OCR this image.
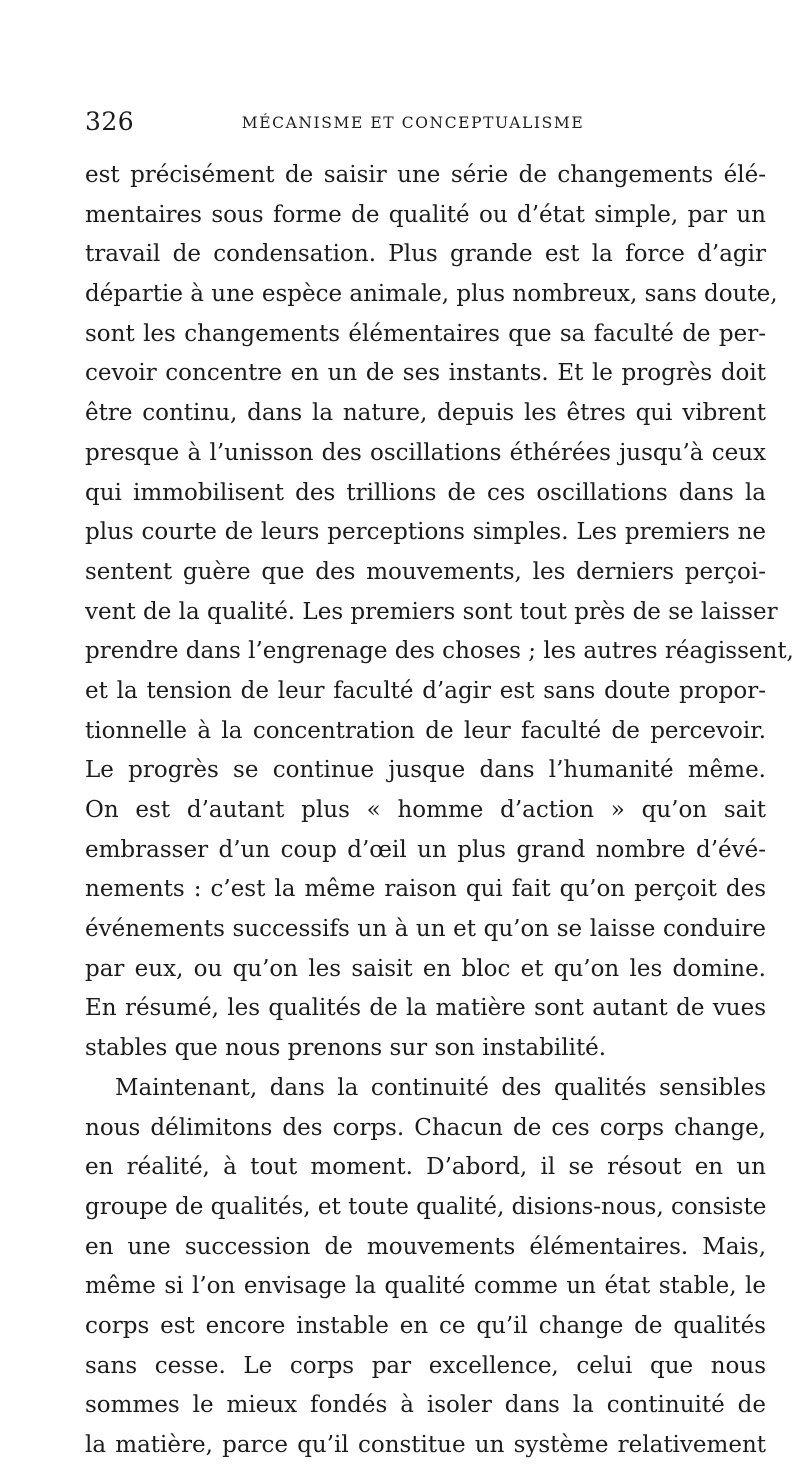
326	MÉCANISME ET CONCEPTUALISME
est précisément de saisir une série de changements élé-
mentaires sous forme de qualité ou d’état simple, par un
travail de condensation. Plus grande est la force d’agir
départie à une espèce animale, plus nombreux, sans doute,
sont les changements élémentaires que sa faculté de per-
cevoir concentre en un de ses instants. Et le progrès doit
être continu, dans la nature, depuis les êtres qui vibrent
presque à l’unisson des oscillations éthérées jusqu’à ceux
qui immobilisent des trillions de ces oscillations dans la
plus courte de leurs perceptions simples. Les premiers ne
sentent guère que des mouvements, les derniers perçoi-
vent de la qualité. Les premiers sont tout près de se laisser
prendre dans l’engrenage des choses ; les autres réagissent,
et la tension de leur faculté d’agir est sans doute propor-
tionnelle à la concentration de leur faculté de percevoir.
Le progrès se continue jusque dans l’humanité même.
On est d’autant plus « homme d’action » qu’on sait
embrasser d’un coup d’œil un plus grand nombre d’évé-
nements : c’est la même raison qui fait qu’on perçoit des
événements successifs un à un et qu’on se laisse conduire
par eux, ou qu’on les saisit en bloc et qu’on les domine.
En résumé, les qualités de la matière sont autant de vues
stables que nous prenons sur son instabilité.
Maintenant, dans la continuité des qualités sensibles
nous délimitons des corps. Chacun de ces corps change,
en réalité, à tout moment. D’abord, il se résout en un
groupe de qualités, et toute qualité, disions-nous, consiste
en une succession de mouvements élémentaires. Mais,
même si l’on envisage la qualité comme un état stable, le
corps est encore instable en ce qu’il change de qualités
sans cesse. Le corps par excellence, celui que nous
sommes le mieux fondés à isoler dans la continuité de
la matière, parce qu’il constitue un système relativement
